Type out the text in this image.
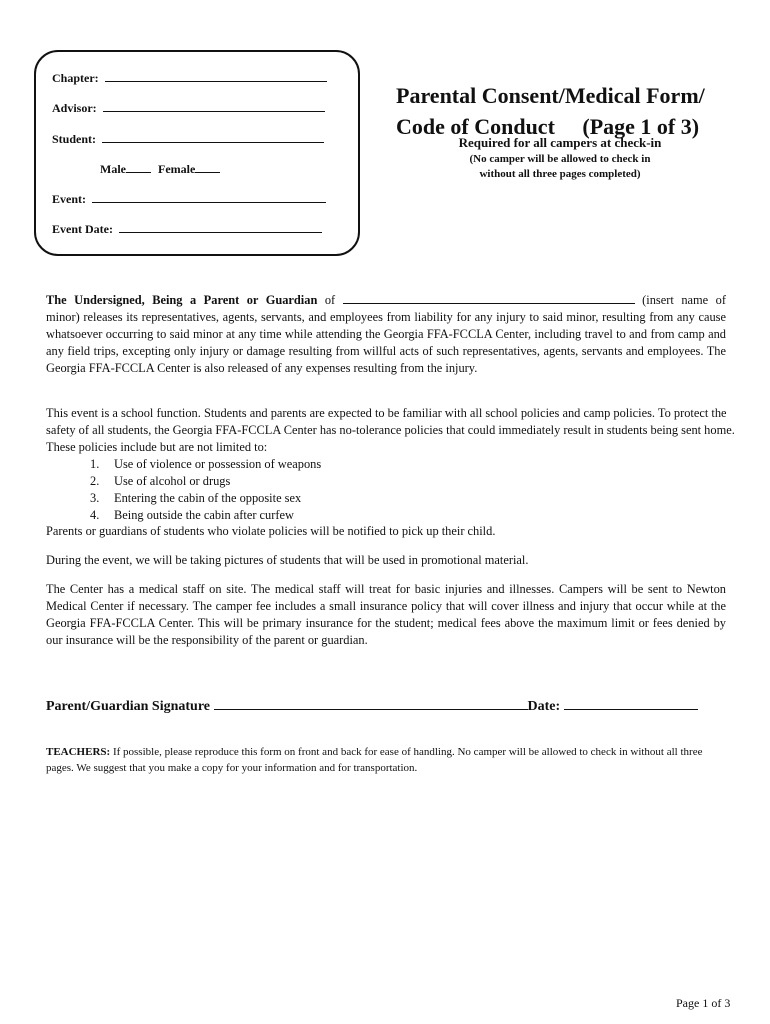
Chapter:
Advisor:
Student:
Male	Female
Event:
Event Date:
Parental Consent/Medical Form/
Code of Conduct     (Page 1 of 3)
Required for all campers at check-in
(No camper will be allowed to check in
without all three pages completed)
The Undersigned, Being a Parent or Guardian of	(insert name of
minor) releases its representatives, agents, servants, and employees from liability for any injury to said minor, resulting from any cause whatsoever occurring to said minor at any time while attending the Georgia FFA-FCCLA Center, including travel to and from camp and any field trips, excepting only injury or damage resulting from willful acts of such representatives, agents, servants and employees. The Georgia FFA-FCCLA Center is also released of any expenses resulting from the injury.
This event is a school function. Students and parents are expected to be familiar with all school policies and camp policies. To protect the safety of all students, the Georgia FFA-FCCLA Center has no-tolerance policies that could immediately result in students being sent home. These policies include but are not limited to:
1. Use of violence or possession of weapons
2. Use of alcohol or drugs
3. Entering the cabin of the opposite sex
4. Being outside the cabin after curfew
Parents or guardians of students who violate policies will be notified to pick up their child.
During the event, we will be taking pictures of students that will be used in promotional material.
The Center has a medical staff on site. The medical staff will treat for basic injuries and illnesses. Campers will be sent to Newton Medical Center if necessary. The camper fee includes a small insurance policy that will cover illness and injury that occur while at the Georgia FFA-FCCLA Center. This will be primary insurance for the student; medical fees above the maximum limit or fees denied by our insurance will be the responsibility of the parent or guardian.
Parent/Guardian Signature	Date:
TEACHERS: If possible, please reproduce this form on front and back for ease of handling. No camper will be allowed to check in without all three pages. We suggest that you make a copy for your information and for transportation.
Page 1 of 3
